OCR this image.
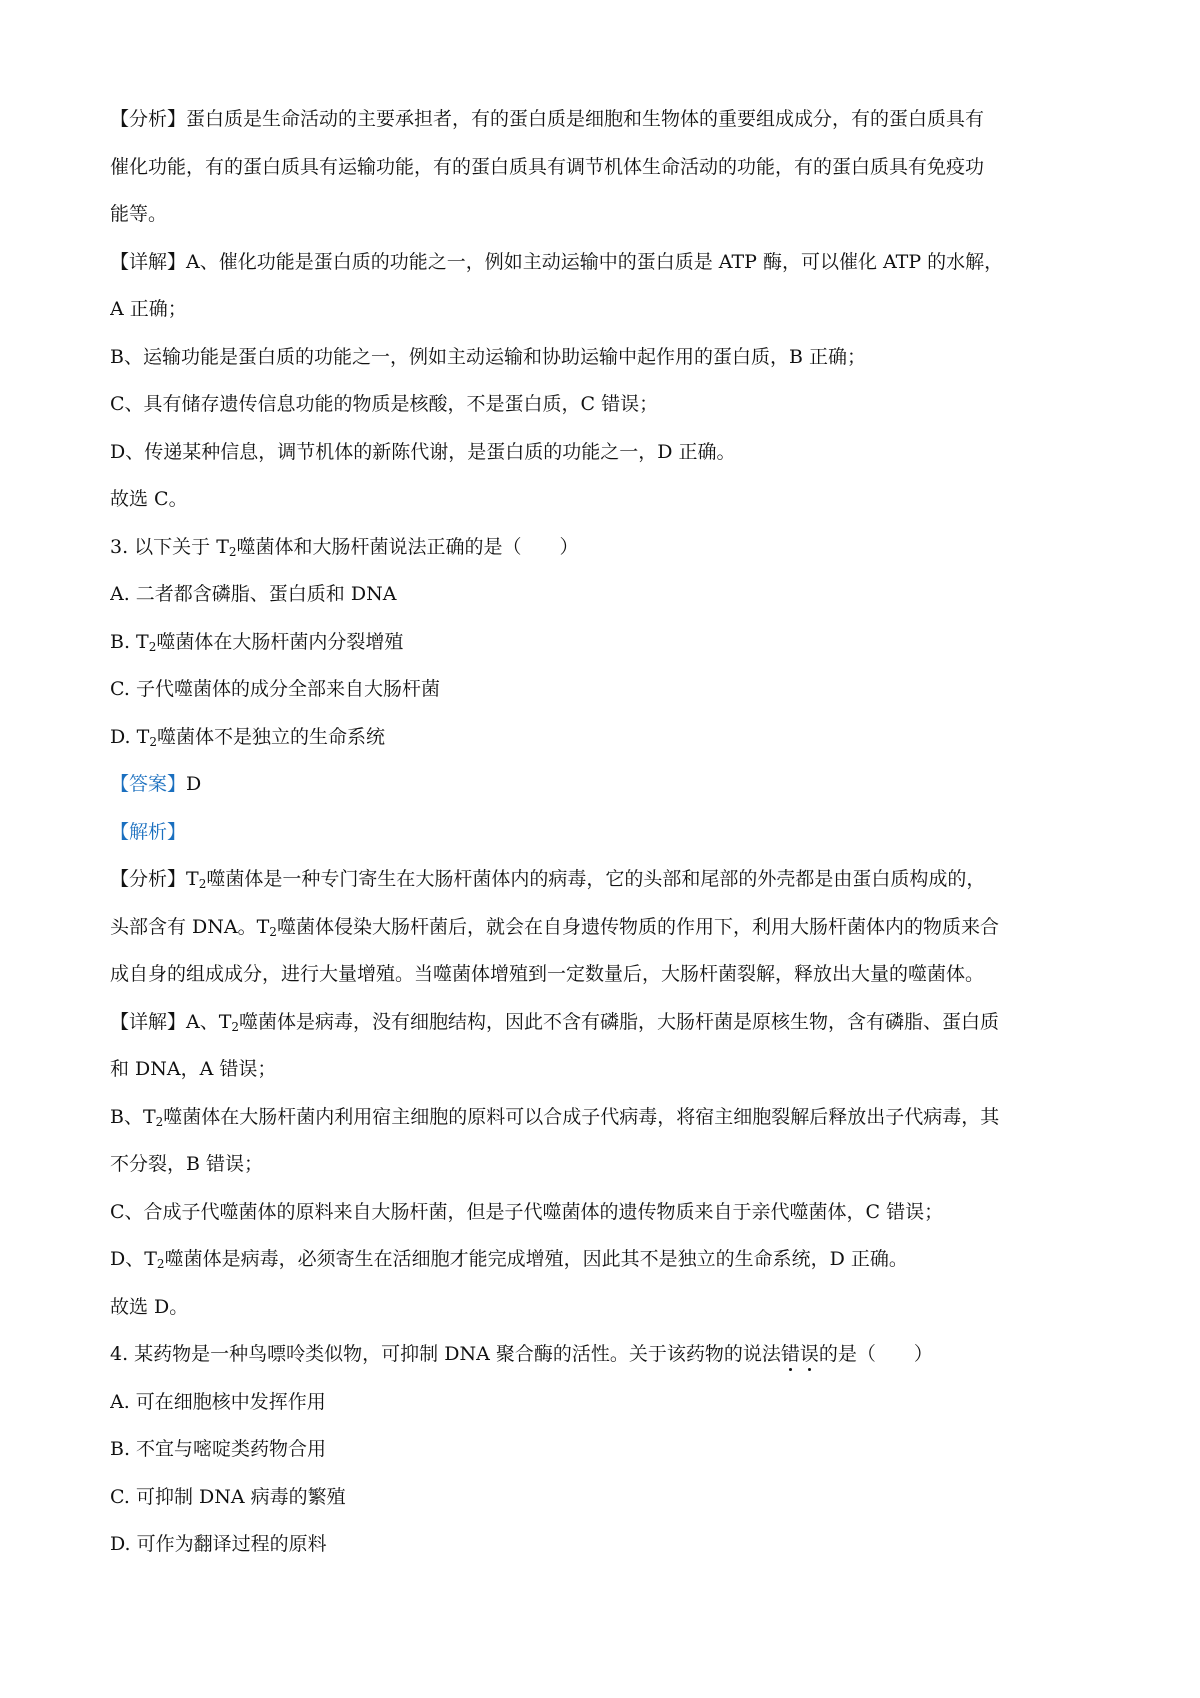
【分析】蛋白质是生命活动的主要承担者，有的蛋白质是细胞和生物体的重要组成成分，有的蛋白质具有
催化功能，有的蛋白质具有运输功能，有的蛋白质具有调节机体生命活动的功能，有的蛋白质具有免疫功
能等。
【详解】A、催化功能是蛋白质的功能之一，例如主动运输中的蛋白质是 ATP 酶，可以催化 ATP 的水解，
A 正确；
B、运输功能是蛋白质的功能之一，例如主动运输和协助运输中起作用的蛋白质，B 正确；
C、具有储存遗传信息功能的物质是核酸，不是蛋白质，C 错误；
D、传递某种信息，调节机体的新陈代谢，是蛋白质的功能之一，D 正确。
故选 C。
3. 以下关于 $T_2$噬菌体和大肠杆菌说法正确的是（　　）
A. 二者都含磷脂、蛋白质和 DNA
B. $T_2$噬菌体在大肠杆菌内分裂增殖
C. 子代噬菌体的成分全部来自大肠杆菌
D. $T_2$噬菌体不是独立的生命系统
【答案】D
【解析】
【分析】$T_2$噬菌体是一种专门寄生在大肠杆菌体内的病毒，它的头部和尾部的外壳都是由蛋白质构成的，
头部含有 DNA。$T_2$噬菌体侵染大肠杆菌后，就会在自身遗传物质的作用下，利用大肠杆菌体内的物质来合
成自身的组成成分，进行大量增殖。当噬菌体增殖到一定数量后，大肠杆菌裂解，释放出大量的噬菌体。
【详解】A、$T_2$噬菌体是病毒，没有细胞结构，因此不含有磷脂，大肠杆菌是原核生物，含有磷脂、蛋白质
和 DNA，A 错误；
B、$T_2$噬菌体在大肠杆菌内利用宿主细胞的原料可以合成子代病毒，将宿主细胞裂解后释放出子代病毒，其
不分裂，B 错误；
C、合成子代噬菌体的原料来自大肠杆菌，但是子代噬菌体的遗传物质来自于亲代噬菌体，C 错误；
D、$T_2$噬菌体是病毒，必须寄生在活细胞才能完成增殖，因此其不是独立的生命系统，D 正确。
故选 D。
4. 某药物是一种鸟嘌呤类似物，可抑制 DNA 聚合酶的活性。关于该药物的说法错
误
的是（　　）
A. 可在细胞核中发挥作用
B. 不宜与嘧啶类药物合用
C. 可抑制 DNA 病毒的繁殖
D. 可作为翻译过程的原料
